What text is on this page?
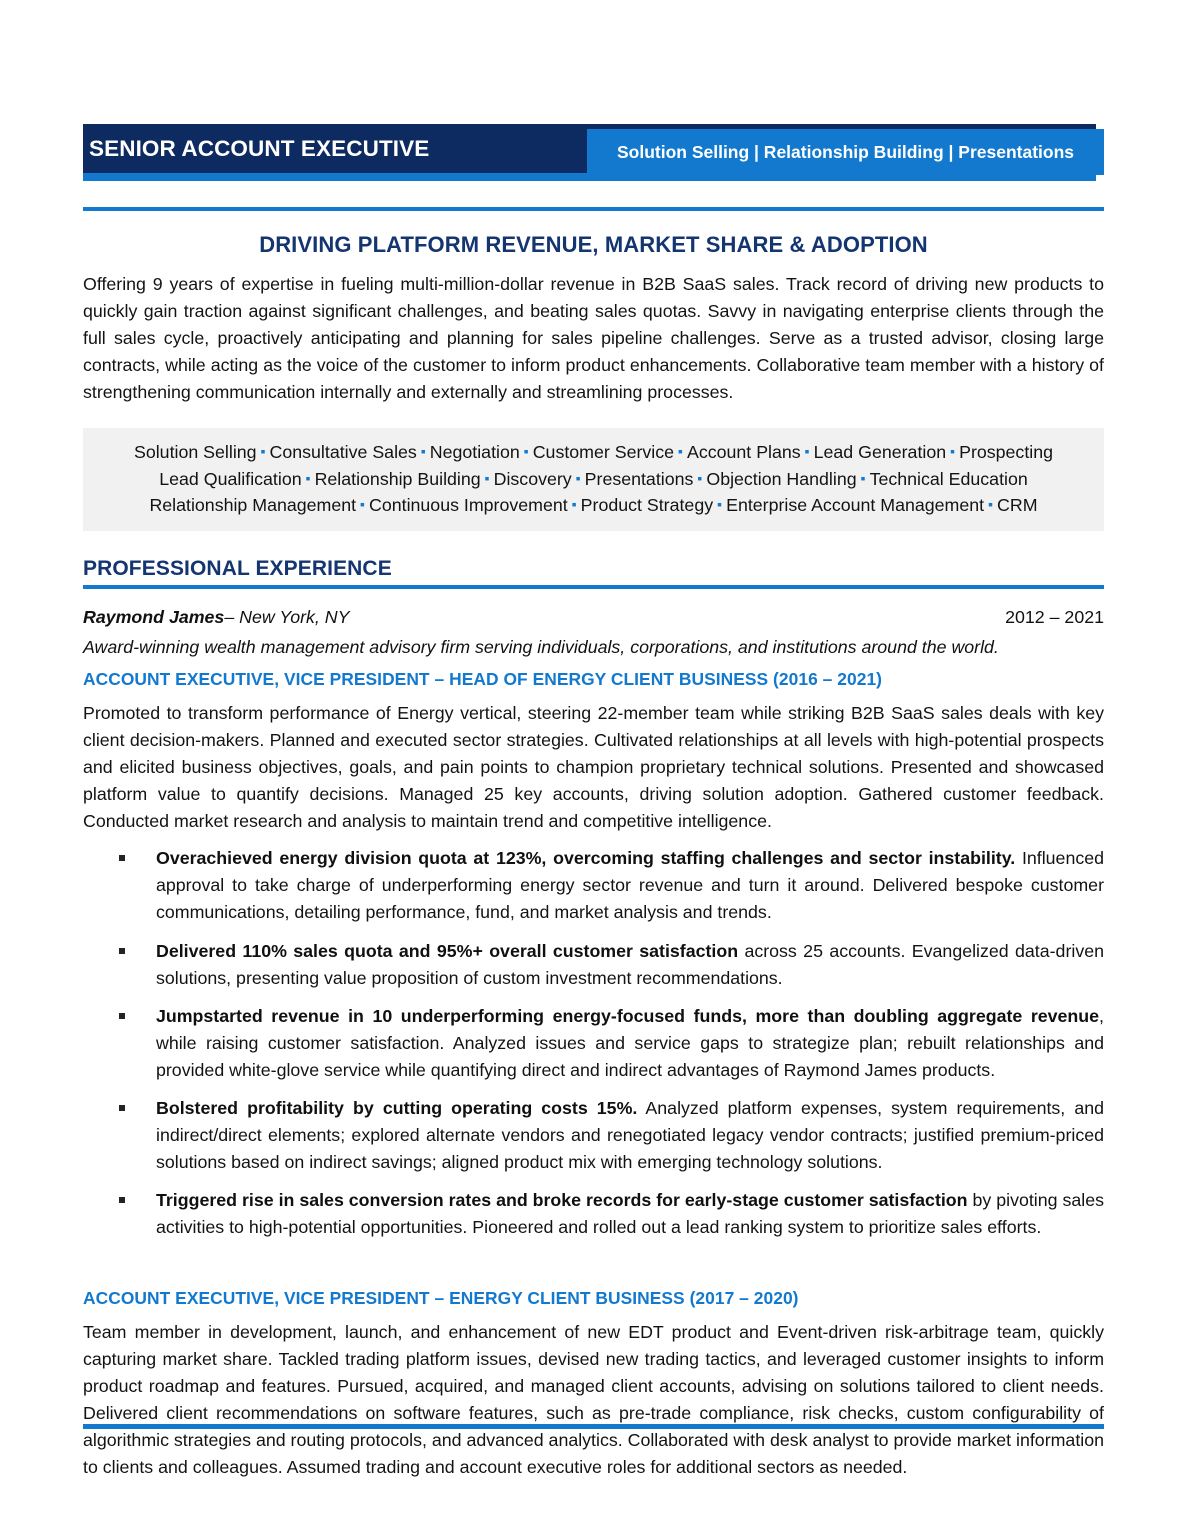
SENIOR ACCOUNT EXECUTIVE	Solution Selling | Relationship Building | Presentations
DRIVING PLATFORM REVENUE, MARKET SHARE & ADOPTION
Offering 9 years of expertise in fueling multi-million-dollar revenue in B2B SaaS sales. Track record of driving new products to quickly gain traction against significant challenges, and beating sales quotas. Savvy in navigating enterprise clients through the full sales cycle, proactively anticipating and planning for sales pipeline challenges. Serve as a trusted advisor, closing large contracts, while acting as the voice of the customer to inform product enhancements. Collaborative team member with a history of strengthening communication internally and externally and streamlining processes.
Solution Selling ▪ Consultative Sales ▪ Negotiation ▪ Customer Service ▪ Account Plans ▪ Lead Generation ▪ Prospecting
Lead Qualification ▪ Relationship Building ▪ Discovery ▪ Presentations ▪ Objection Handling ▪ Technical Education
Relationship Management ▪ Continuous Improvement ▪ Product Strategy ▪ Enterprise Account Management ▪ CRM
PROFESSIONAL EXPERIENCE
Raymond James– New York, NY	2012 – 2021
Award-winning wealth management advisory firm serving individuals, corporations, and institutions around the world.
ACCOUNT EXECUTIVE, VICE PRESIDENT – HEAD OF ENERGY CLIENT BUSINESS (2016 – 2021)
Promoted to transform performance of Energy vertical, steering 22-member team while striking B2B SaaS sales deals with key client decision-makers. Planned and executed sector strategies. Cultivated relationships at all levels with high-potential prospects and elicited business objectives, goals, and pain points to champion proprietary technical solutions. Presented and showcased platform value to quantify decisions. Managed 25 key accounts, driving solution adoption. Gathered customer feedback. Conducted market research and analysis to maintain trend and competitive intelligence.
Overachieved energy division quota at 123%, overcoming staffing challenges and sector instability. Influenced approval to take charge of underperforming energy sector revenue and turn it around. Delivered bespoke customer communications, detailing performance, fund, and market analysis and trends.
Delivered 110% sales quota and 95%+ overall customer satisfaction across 25 accounts. Evangelized data-driven solutions, presenting value proposition of custom investment recommendations.
Jumpstarted revenue in 10 underperforming energy-focused funds, more than doubling aggregate revenue, while raising customer satisfaction. Analyzed issues and service gaps to strategize plan; rebuilt relationships and provided white-glove service while quantifying direct and indirect advantages of Raymond James products.
Bolstered profitability by cutting operating costs 15%. Analyzed platform expenses, system requirements, and indirect/direct elements; explored alternate vendors and renegotiated legacy vendor contracts; justified premium-priced solutions based on indirect savings; aligned product mix with emerging technology solutions.
Triggered rise in sales conversion rates and broke records for early-stage customer satisfaction by pivoting sales activities to high-potential opportunities. Pioneered and rolled out a lead ranking system to prioritize sales efforts.
ACCOUNT EXECUTIVE, VICE PRESIDENT – ENERGY CLIENT BUSINESS (2017 – 2020)
Team member in development, launch, and enhancement of new EDT product and Event-driven risk-arbitrage team, quickly capturing market share. Tackled trading platform issues, devised new trading tactics, and leveraged customer insights to inform product roadmap and features. Pursued, acquired, and managed client accounts, advising on solutions tailored to client needs. Delivered client recommendations on software features, such as pre-trade compliance, risk checks, custom configurability of algorithmic strategies and routing protocols, and advanced analytics. Collaborated with desk analyst to provide market information to clients and colleagues. Assumed trading and account executive roles for additional sectors as needed.
